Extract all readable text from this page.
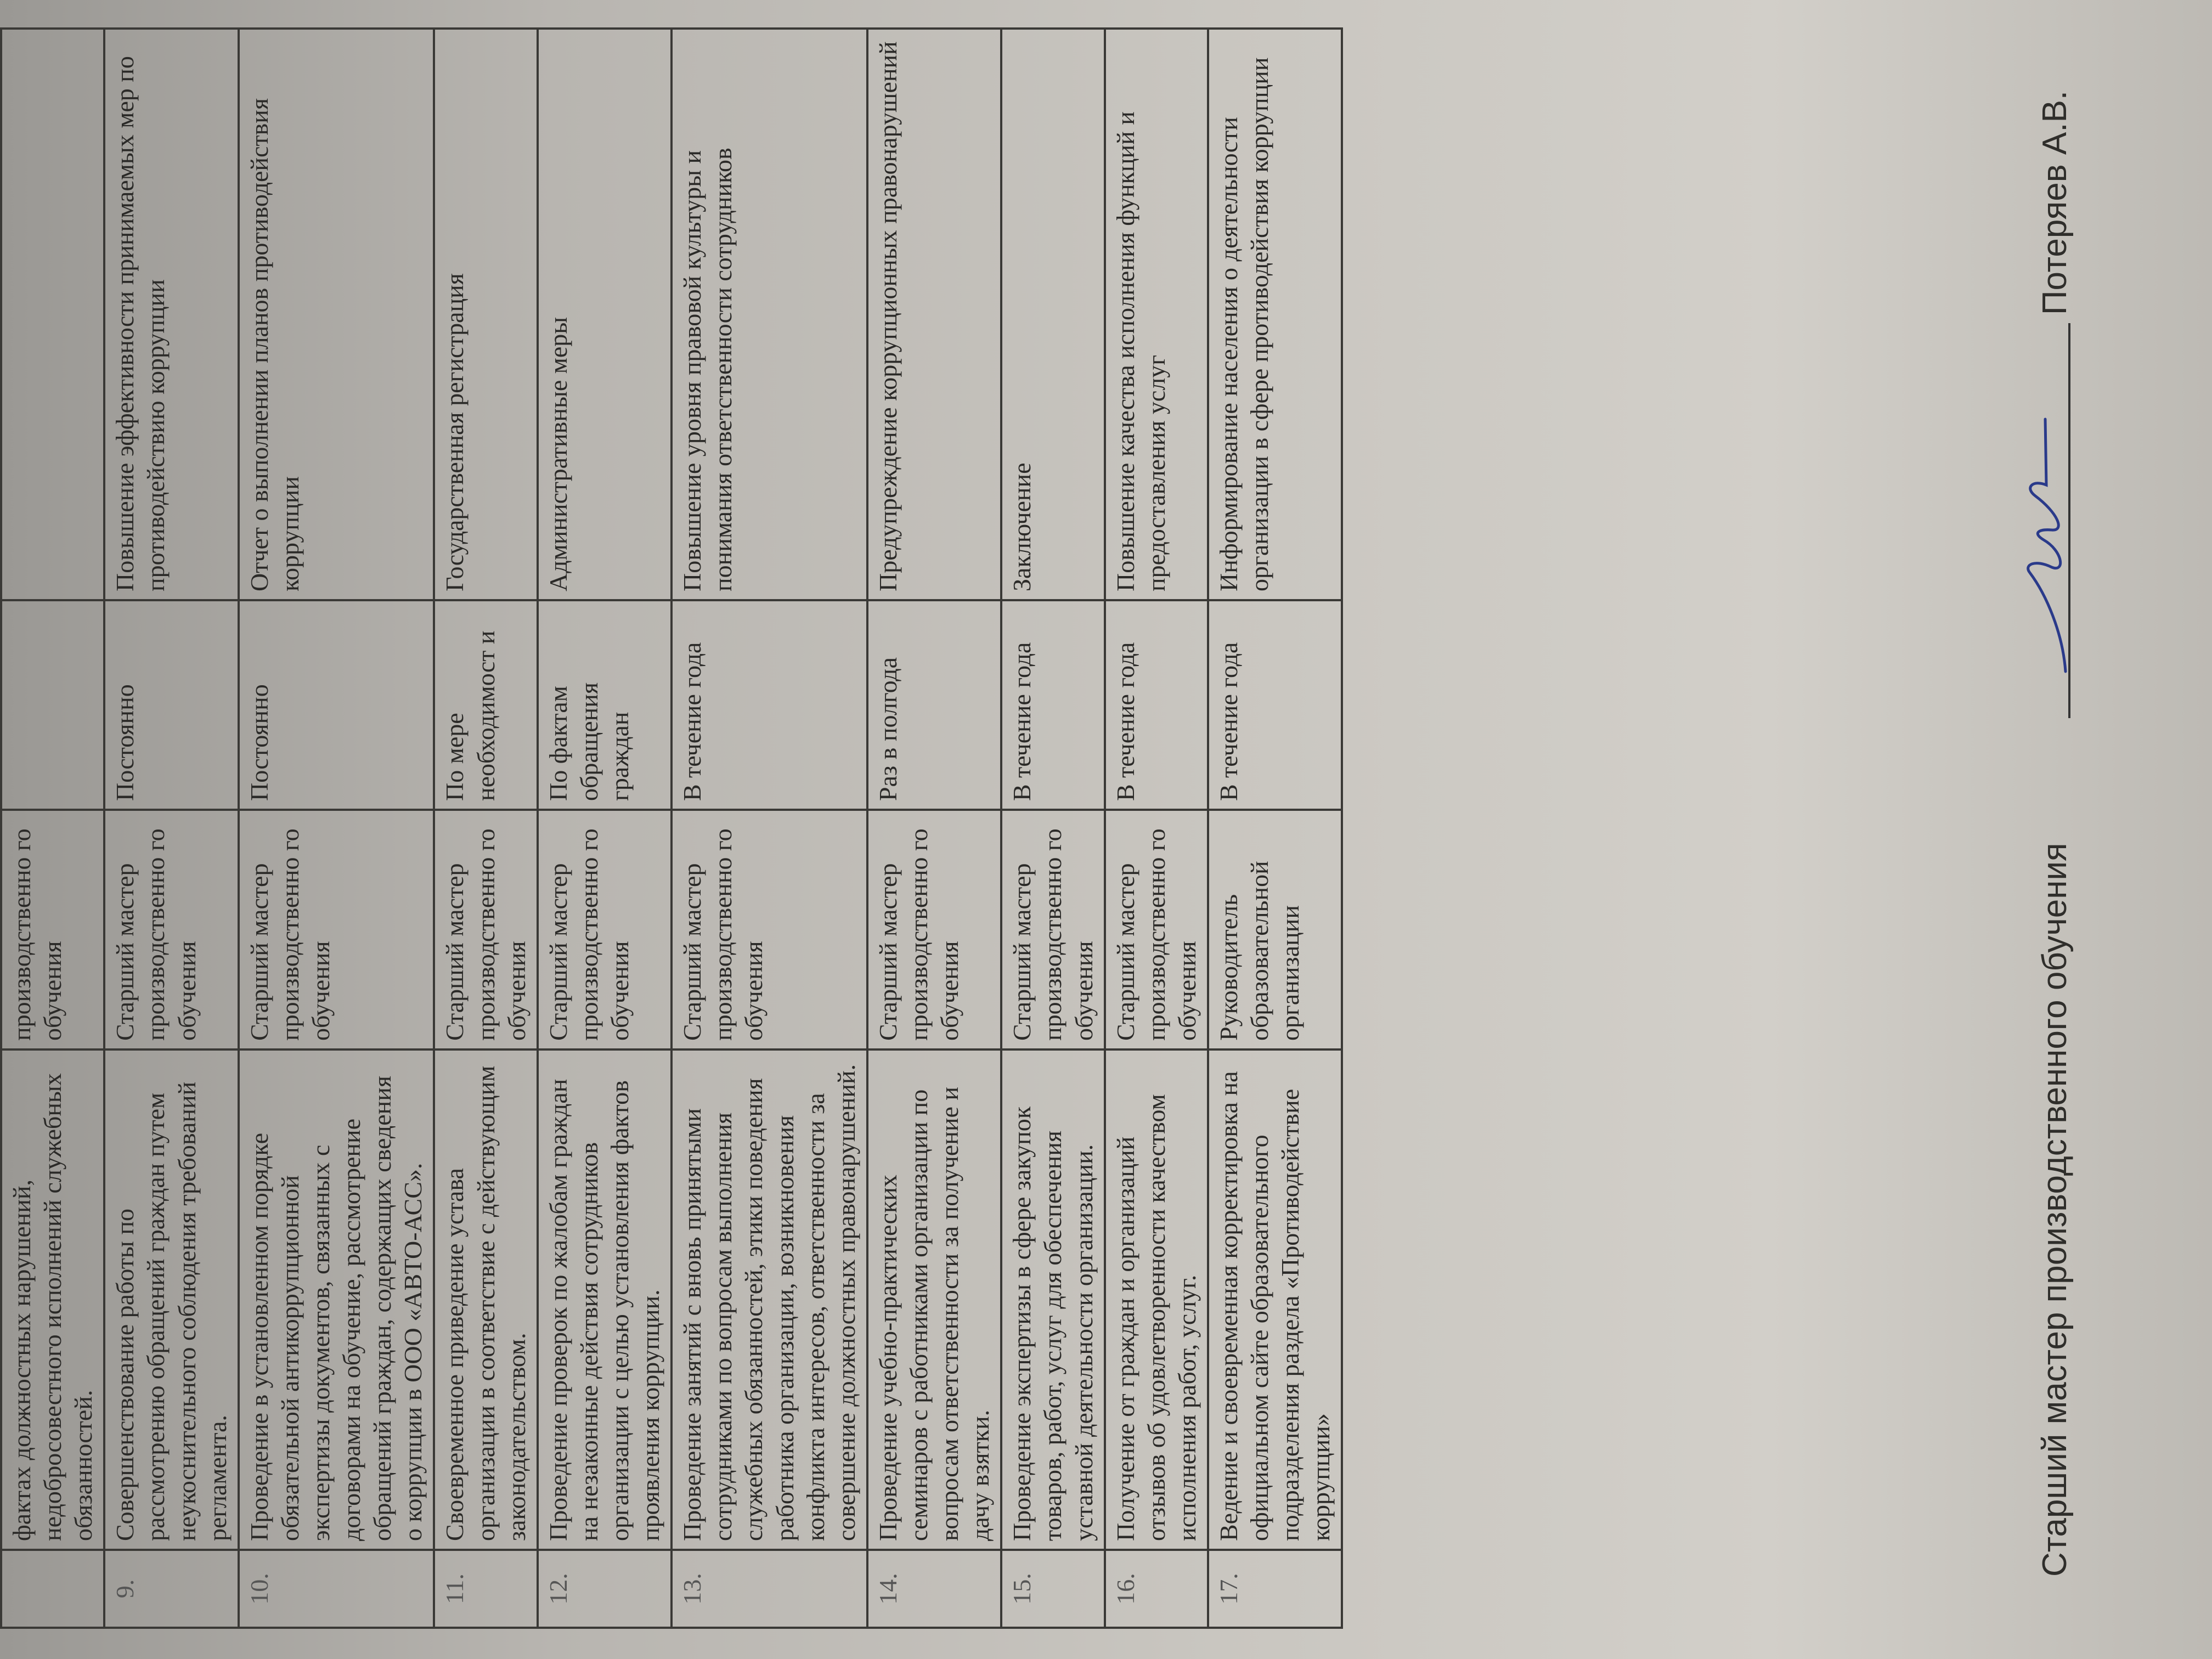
	фактах должностных нарушений, недобросовестного исполнений служебных обязанностей.	производственно го обучения		
9.	Совершенствование работы по рассмотрению обращений граждан путем неукоснительного соблюдения требований регламента.	Старший мастер производственно го обучения	Постоянно	Повышение эффективности принимаемых мер по противодействию коррупции
10.	Проведение в установленном порядке обязательной антикоррупционной экспертизы документов, связанных с договорами на обучение, рассмотрение обращений граждан, содержащих сведения о коррупции в ООО «АВТО-АСС».	Старший мастер производственно го обучения	Постоянно	Отчет о выполнении планов противодействия коррупции
11.	Своевременное приведение устава организации в соответствие с действующим законодательством.	Старший мастер производственно го обучения	По мере необходимост и	Государственная регистрация
12.	Проведение проверок по жалобам граждан на незаконные действия сотрудников организации с целью установления фактов проявления коррупции.	Старший мастер производственно го обучения	По фактам обращения граждан	Административные меры
13.	Проведение занятий с вновь принятыми сотрудниками по вопросам выполнения служебных обязанностей, этики поведения работника организации, возникновения конфликта интересов, ответственности за совершение должностных правонарушений.	Старший мастер производственно го обучения	В течение года	Повышение уровня правовой культуры и понимания ответственности сотрудников
14.	Проведение учебно-практических семинаров с работниками организации по вопросам ответственности за получение и дачу взятки.	Старший мастер производственно го обучения	Раз в полгода	Предупреждение коррупционных правонарушений
15.	Проведение экспертизы в сфере закупок товаров, работ, услуг для обеспечения уставной деятельности организации.	Старший мастер производственно го обучения	В течение года	Заключение
16.	Получение от граждан и организаций отзывов об удовлетворенности качеством исполнения работ, услуг.	Старший мастер производственно го обучения	В течение года	Повышение качества исполнения функций и предоставления услуг
17.	Ведение и своевременная корректировка на официальном сайте образовательного подразделения раздела «Противодействие коррупции»	Руководитель образовательной организации	В течение года	Информирование населения о деятельности организации в сфере противодействия коррупции
Старший мастер производственного обучения
Потеряев А.В.
